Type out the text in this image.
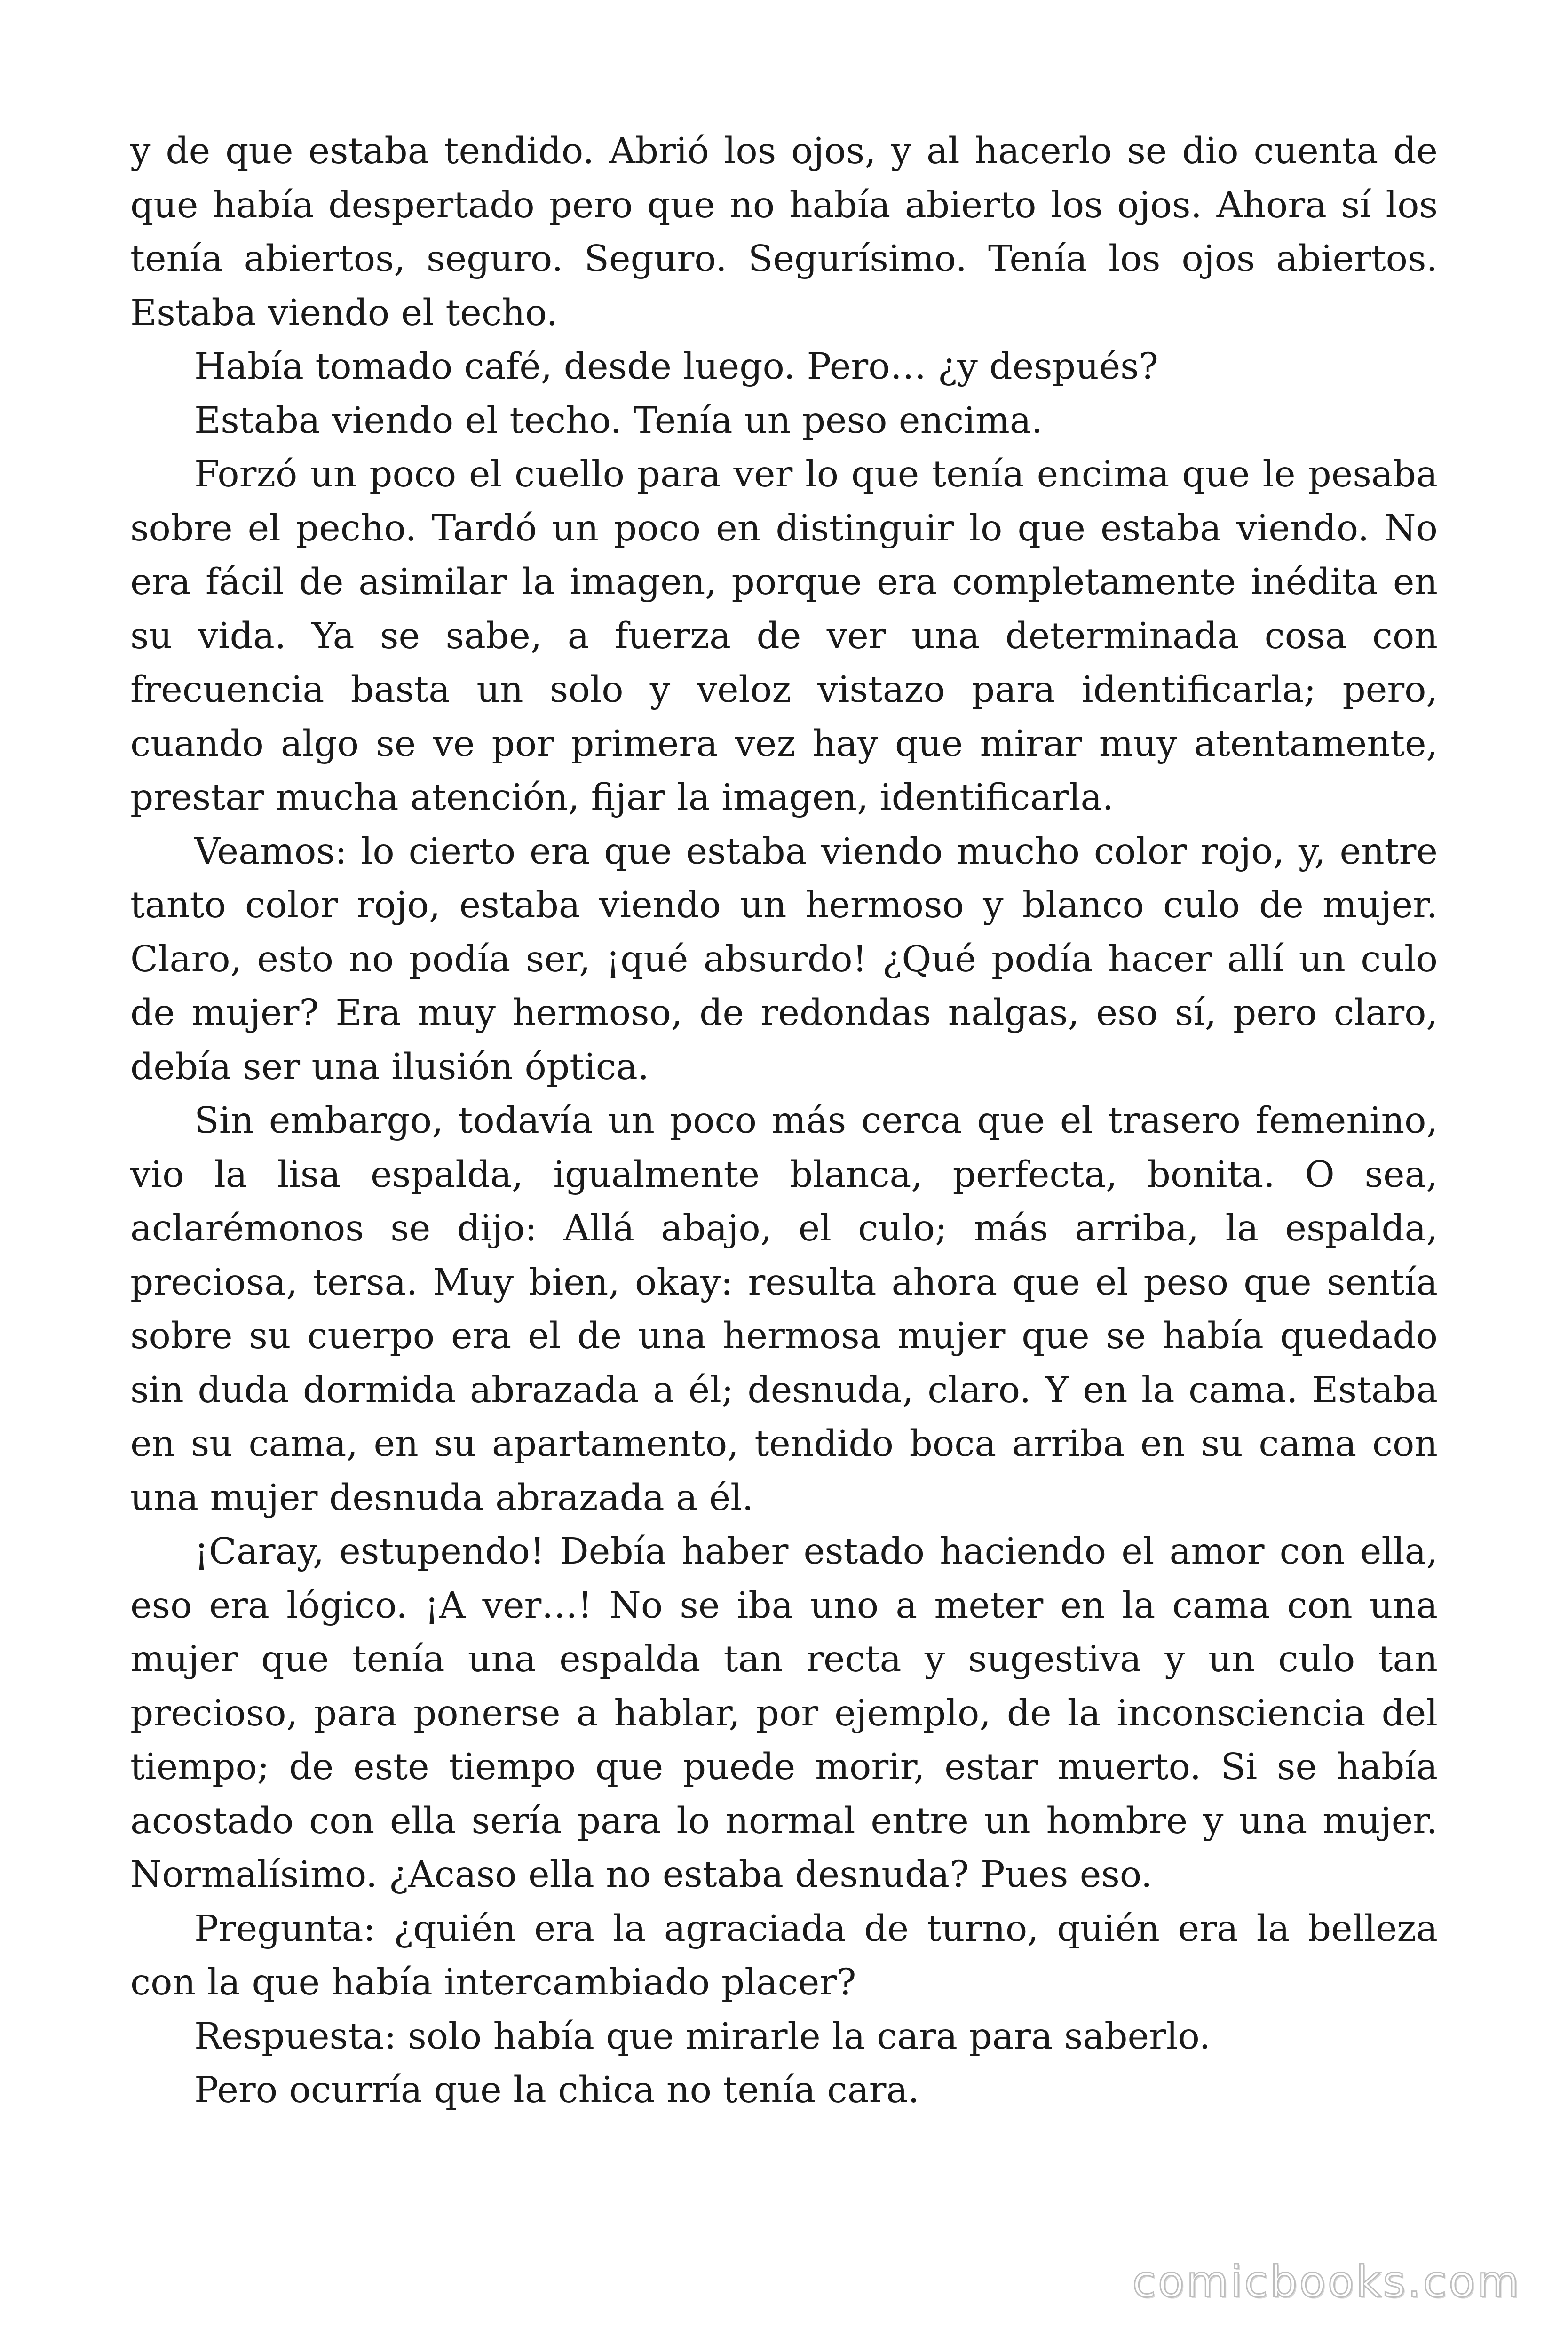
y de que estaba tendido. Abrió los ojos, y al hacerlo se dio cuenta de que había despertado pero que no había abierto los ojos. Ahora sí los tenía abiertos, seguro. Seguro. Segurísimo. Tenía los ojos abiertos. Estaba viendo el techo.

Había tomado café, desde luego. Pero… ¿y después?

Estaba viendo el techo. Tenía un peso encima.

Forzó un poco el cuello para ver lo que tenía encima que le pesaba sobre el pecho. Tardó un poco en distinguir lo que estaba viendo. No era fácil de asimilar la imagen, porque era completamente inédita en su vida. Ya se sabe, a fuerza de ver una determinada cosa con frecuencia basta un solo y veloz vistazo para identificarla; pero, cuando algo se ve por primera vez hay que mirar muy atentamente, prestar mucha atención, fijar la imagen, identificarla.

Veamos: lo cierto era que estaba viendo mucho color rojo, y, entre tanto color rojo, estaba viendo un hermoso y blanco culo de mujer. Claro, esto no podía ser, ¡qué absurdo! ¿Qué podía hacer allí un culo de mujer? Era muy hermoso, de redondas nalgas, eso sí, pero claro, debía ser una ilusión óptica.

Sin embargo, todavía un poco más cerca que el trasero femenino, vio la lisa espalda, igualmente blanca, perfecta, bonita. O sea, aclarémonos se dijo: Allá abajo, el culo; más arriba, la espalda, preciosa, tersa. Muy bien, okay: resulta ahora que el peso que sentía sobre su cuerpo era el de una hermosa mujer que se había quedado sin duda dormida abrazada a él; desnuda, claro. Y en la cama. Estaba en su cama, en su apartamento, tendido boca arriba en su cama con una mujer desnuda abrazada a él.

¡Caray, estupendo! Debía haber estado haciendo el amor con ella, eso era lógico. ¡A ver…! No se iba uno a meter en la cama con una mujer que tenía una espalda tan recta y sugestiva y un culo tan precioso, para ponerse a hablar, por ejemplo, de la inconsciencia del tiempo; de este tiempo que puede morir, estar muerto. Si se había acostado con ella sería para lo normal entre un hombre y una mujer. Normalísimo. ¿Acaso ella no estaba desnuda? Pues eso.

Pregunta: ¿quién era la agraciada de turno, quién era la belleza con la que había intercambiado placer?

Respuesta: solo había que mirarle la cara para saberlo.

Pero ocurría que la chica no tenía cara.

comicbooks.com
